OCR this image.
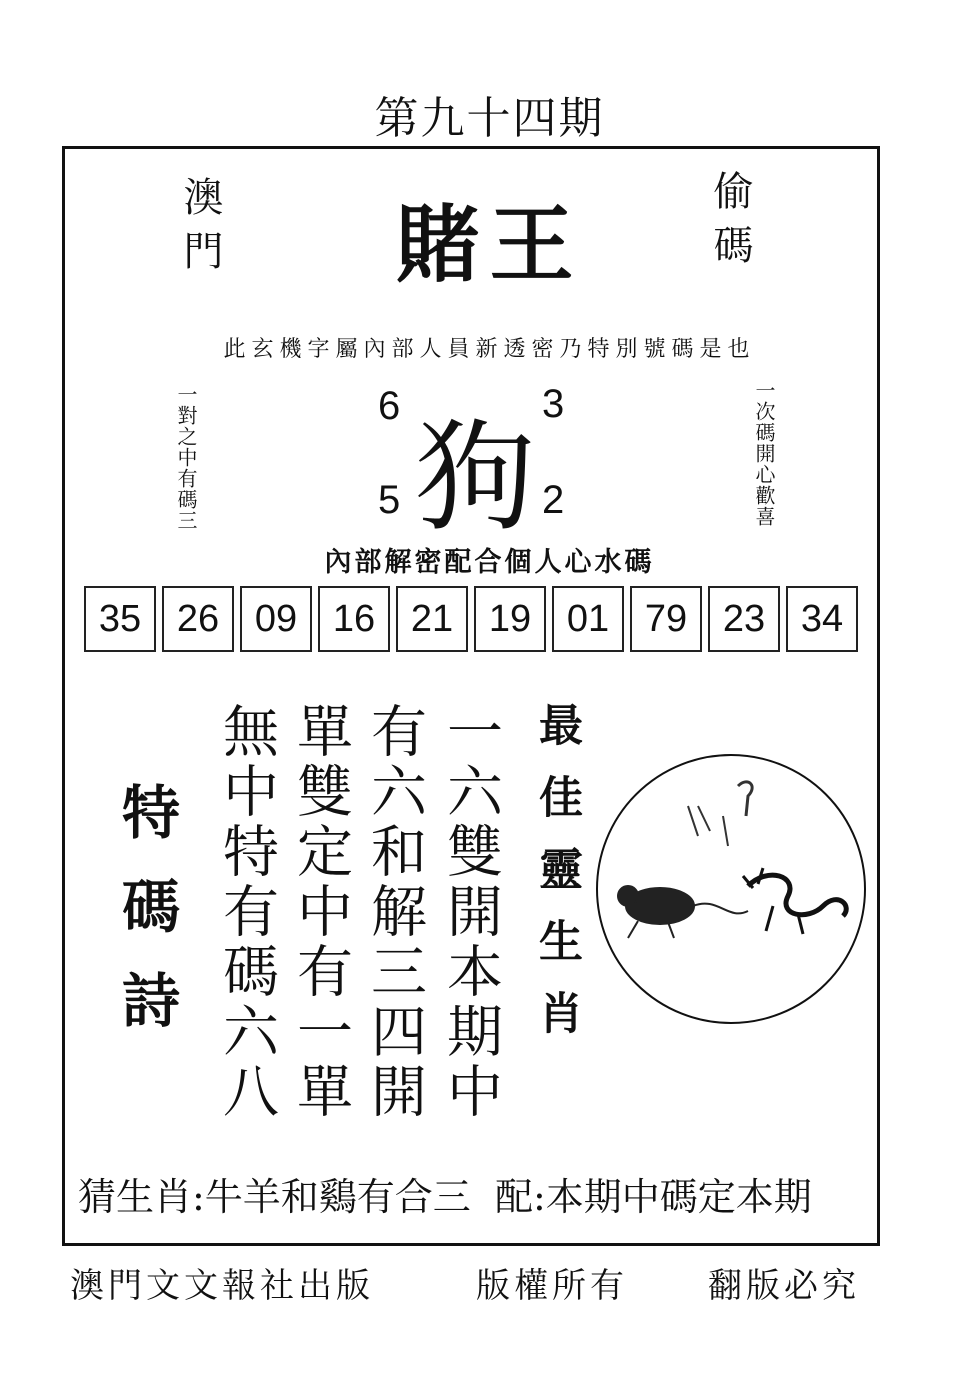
第九十四期
澳門	偷碼
賭王
此玄機字屬內部人員新透密乃特別號碼是也
一對之中有碼三	一次碼開心歡喜
狗
6	3
5	2
內部解密配合個人心水碼
35 26 09 16 21 19 01 79 23 34
特碼詩 無中特有碼六八 單雙定中有一單 有六和解三四開 一六雙開本期中 最佳靈生肖
猜生肖:牛羊和鷄有合三  配:本期中碼定本期
澳門文文報社出版	版權所有 翻版必究
